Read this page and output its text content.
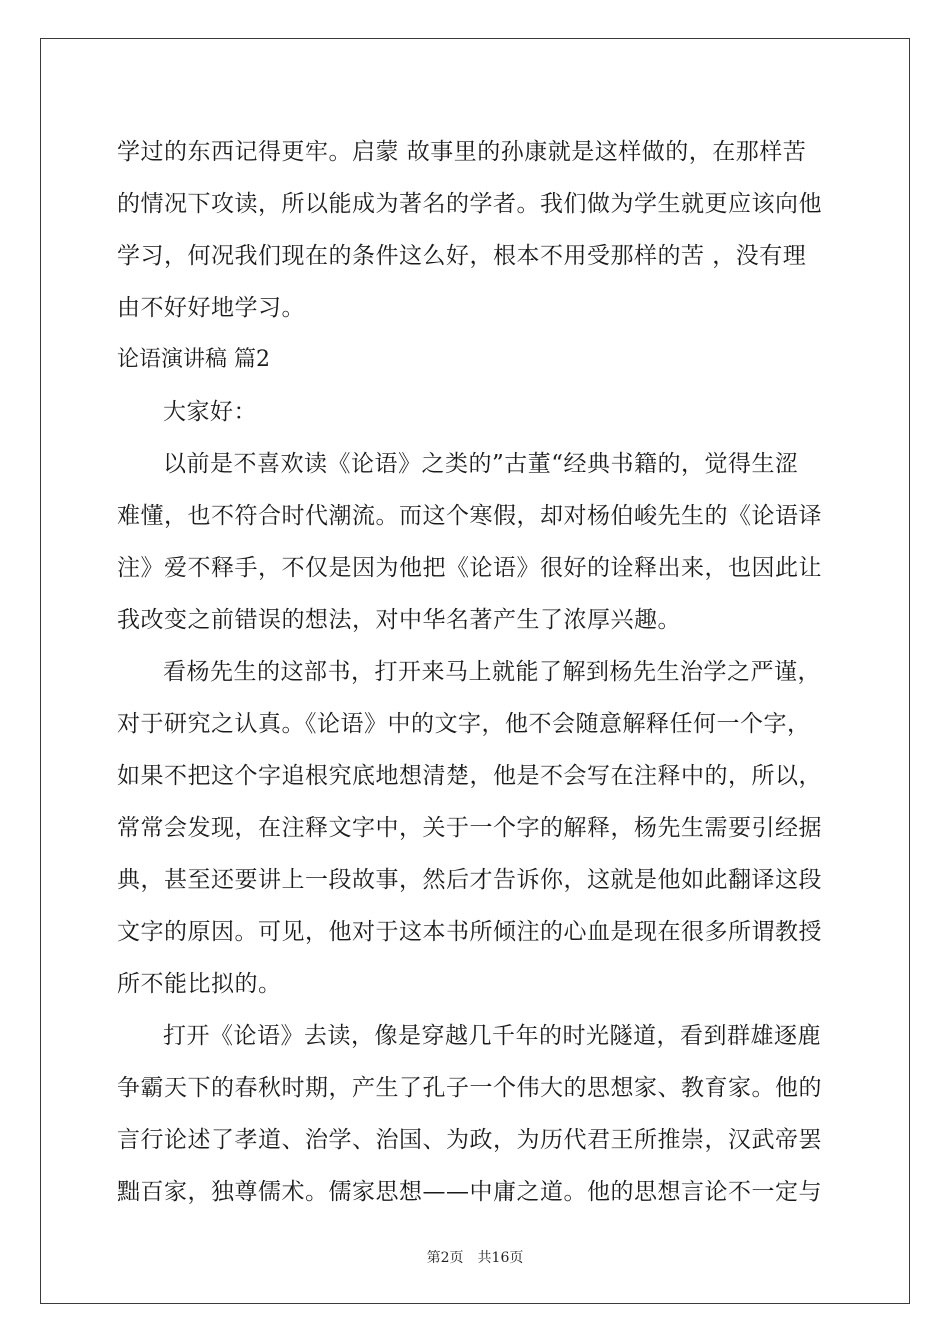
学过的东西记得更牢。启蒙 故事里的孙康就是这样做的，在那样苦
的情况下攻读，所以能成为著名的学者。我们做为学生就更应该向他
学习，何况我们现在的条件这么好，根本不用受那样的苦 ，没有理
由不好好地学习。
论语演讲稿 篇2
大家好：
以前是不喜欢读《论语》之类的”古董“经典书籍的，觉得生涩
难懂，也不符合时代潮流。而这个寒假，却对杨伯峻先生的《论语译
注》爱不释手，不仅是因为他把《论语》很好的诠释出来，也因此让
我改变之前错误的想法，对中华名著产生了浓厚兴趣。
看杨先生的这部书，打开来马上就能了解到杨先生治学之严谨，
对于研究之认真。《论语》中的文字，他不会随意解释任何一个字，
如果不把这个字追根究底地想清楚，他是不会写在注释中的，所以，
常常会发现，在注释文字中，关于一个字的解释，杨先生需要引经据
典，甚至还要讲上一段故事，然后才告诉你，这就是他如此翻译这段
文字的原因。可见，他对于这本书所倾注的心血是现在很多所谓教授
所不能比拟的。
打开《论语》去读，像是穿越几千年的时光隧道，看到群雄逐鹿
争霸天下的春秋时期，产生了孔子一个伟大的思想家、教育家。他的
言行论述了孝道、治学、治国、为政，为历代君王所推崇，汉武帝罢
黜百家，独尊儒术。儒家思想——中庸之道。他的思想言论不一定与
第2页 共16页
